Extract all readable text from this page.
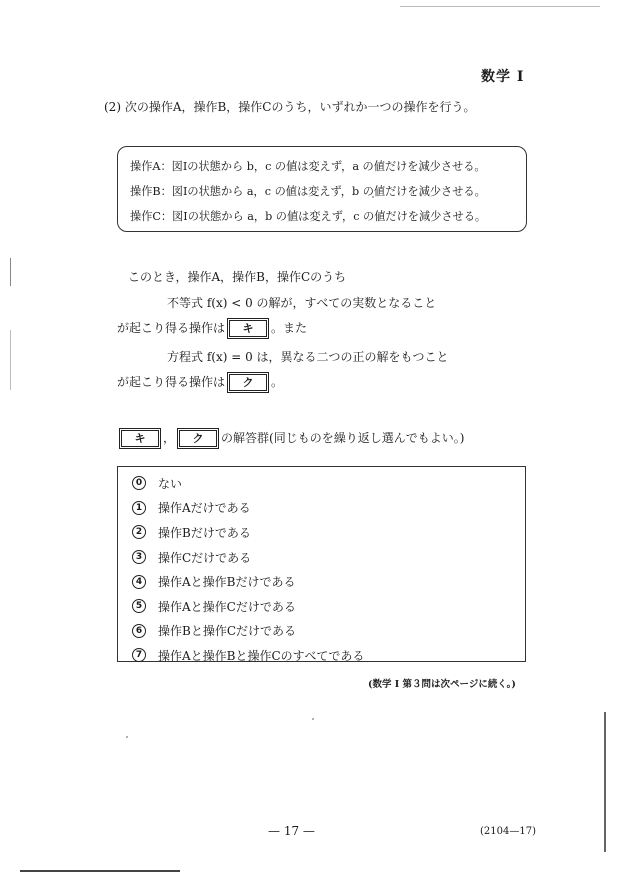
数学 I
(2) 次の操作A，操作B，操作Cのうち，いずれか一つの操作を行う。
操作A：図Ⅰの状態から b，c の値は変えず，a の値だけを減少させる。
操作B：図Ⅰの状態から a，c の値は変えず，b の値だけを減少させる。
操作C：図Ⅰの状態から a，b の値は変えず，c の値だけを減少させる。
このとき，操作A，操作B，操作Cのうち
不等式 f(x) < 0 の解が，すべての実数となること
が起こり得る操作は	キ	。また
方程式 f(x) = 0 は，異なる二つの正の解をもつこと
が起こり得る操作は	ク	。
キ	，	ク	の解答群(同じものを繰り返し選んでもよい。)
0	ない
1	操作Aだけである
2	操作Bだけである
3	操作Cだけである
4	操作Aと操作Bだけである
5	操作Aと操作Cだけである
6	操作Bと操作Cだけである
7	操作Aと操作Bと操作Cのすべてである
(数学 I 第３問は次ページに続く。)
— 17 —	(2104—17)
